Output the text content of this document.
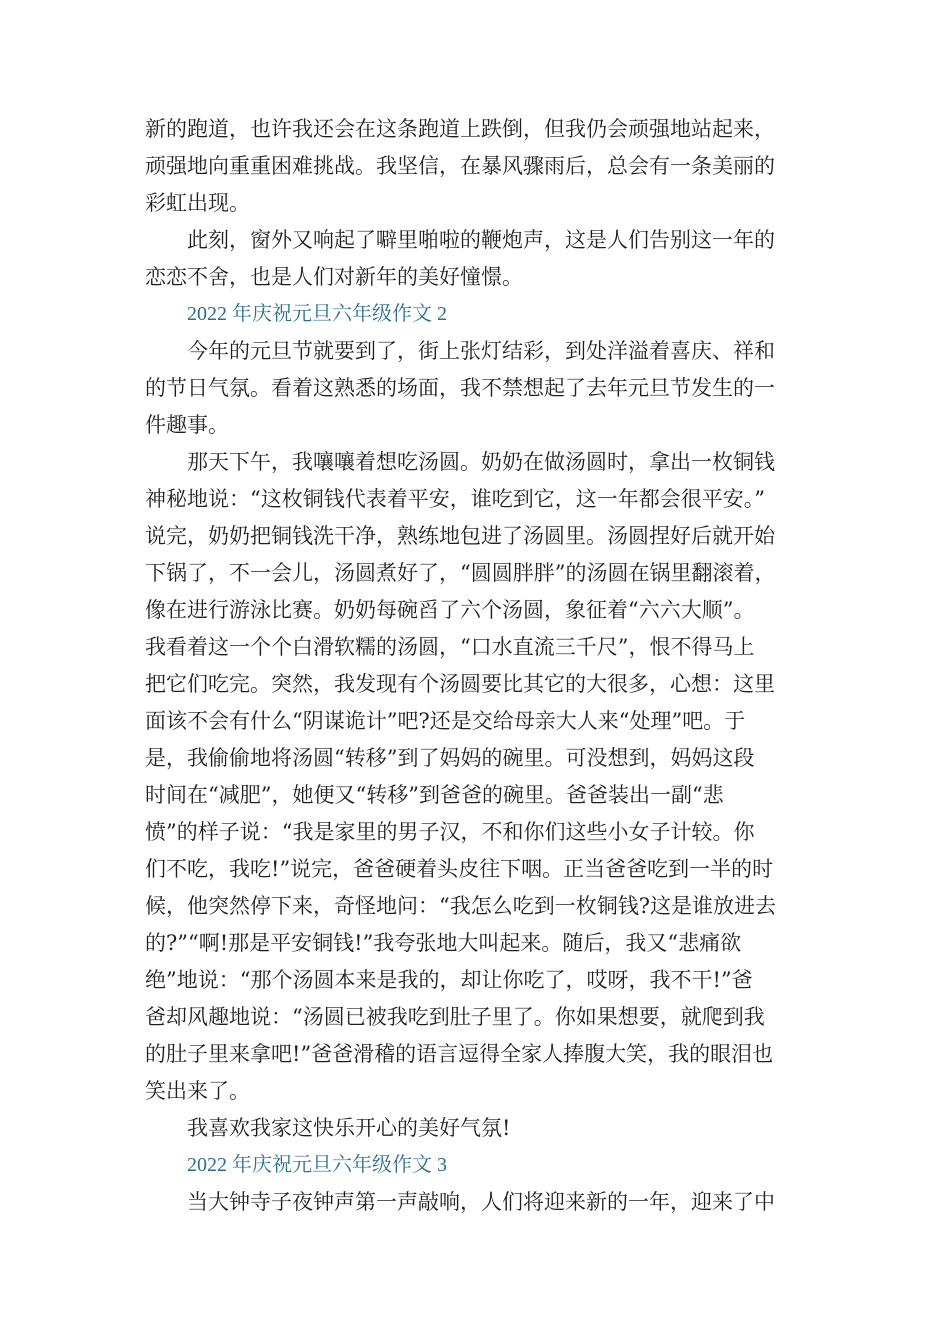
新的跑道，也许我还会在这条跑道上跌倒，但我仍会顽强地站起来，
顽强地向重重困难挑战。我坚信，在暴风骤雨后，总会有一条美丽的
彩虹出现。
此刻，窗外又响起了噼里啪啦的鞭炮声，这是人们告别这一年的
恋恋不舍，也是人们对新年的美好憧憬。
2022 年庆祝元旦六年级作文 2
今年的元旦节就要到了，街上张灯结彩，到处洋溢着喜庆、祥和
的节日气氛。看着这熟悉的场面，我不禁想起了去年元旦节发生的一
件趣事。
那天下午，我嚷嚷着想吃汤圆。奶奶在做汤圆时，拿出一枚铜钱
神秘地说：“这枚铜钱代表着平安，谁吃到它，这一年都会很平安。”
说完，奶奶把铜钱洗干净，熟练地包进了汤圆里。汤圆捏好后就开始
下锅了，不一会儿，汤圆煮好了，“圆圆胖胖”的汤圆在锅里翻滚着，
像在进行游泳比赛。奶奶每碗舀了六个汤圆，象征着“六六大顺”。
我看着这一个个白滑软糯的汤圆，“口水直流三千尺”，恨不得马上
把它们吃完。突然，我发现有个汤圆要比其它的大很多，心想：这里
面该不会有什么“阴谋诡计”吧?还是交给母亲大人来“处理”吧。于
是，我偷偷地将汤圆“转移”到了妈妈的碗里。可没想到，妈妈这段
时间在“减肥”，她便又“转移”到爸爸的碗里。爸爸装出一副“悲
愤”的样子说：“我是家里的男子汉，不和你们这些小女子计较。你
们不吃，我吃!”说完，爸爸硬着头皮往下咽。正当爸爸吃到一半的时
候，他突然停下来，奇怪地问：“我怎么吃到一枚铜钱?这是谁放进去
的?”“啊!那是平安铜钱!”我夸张地大叫起来。随后，我又“悲痛欲
绝”地说：“那个汤圆本来是我的，却让你吃了，哎呀，我不干!”爸
爸却风趣地说：“汤圆已被我吃到肚子里了。你如果想要，就爬到我
的肚子里来拿吧!”爸爸滑稽的语言逗得全家人捧腹大笑，我的眼泪也
笑出来了。
我喜欢我家这快乐开心的美好气氛!
2022 年庆祝元旦六年级作文 3
当大钟寺子夜钟声第一声敲响，人们将迎来新的一年，迎来了中
